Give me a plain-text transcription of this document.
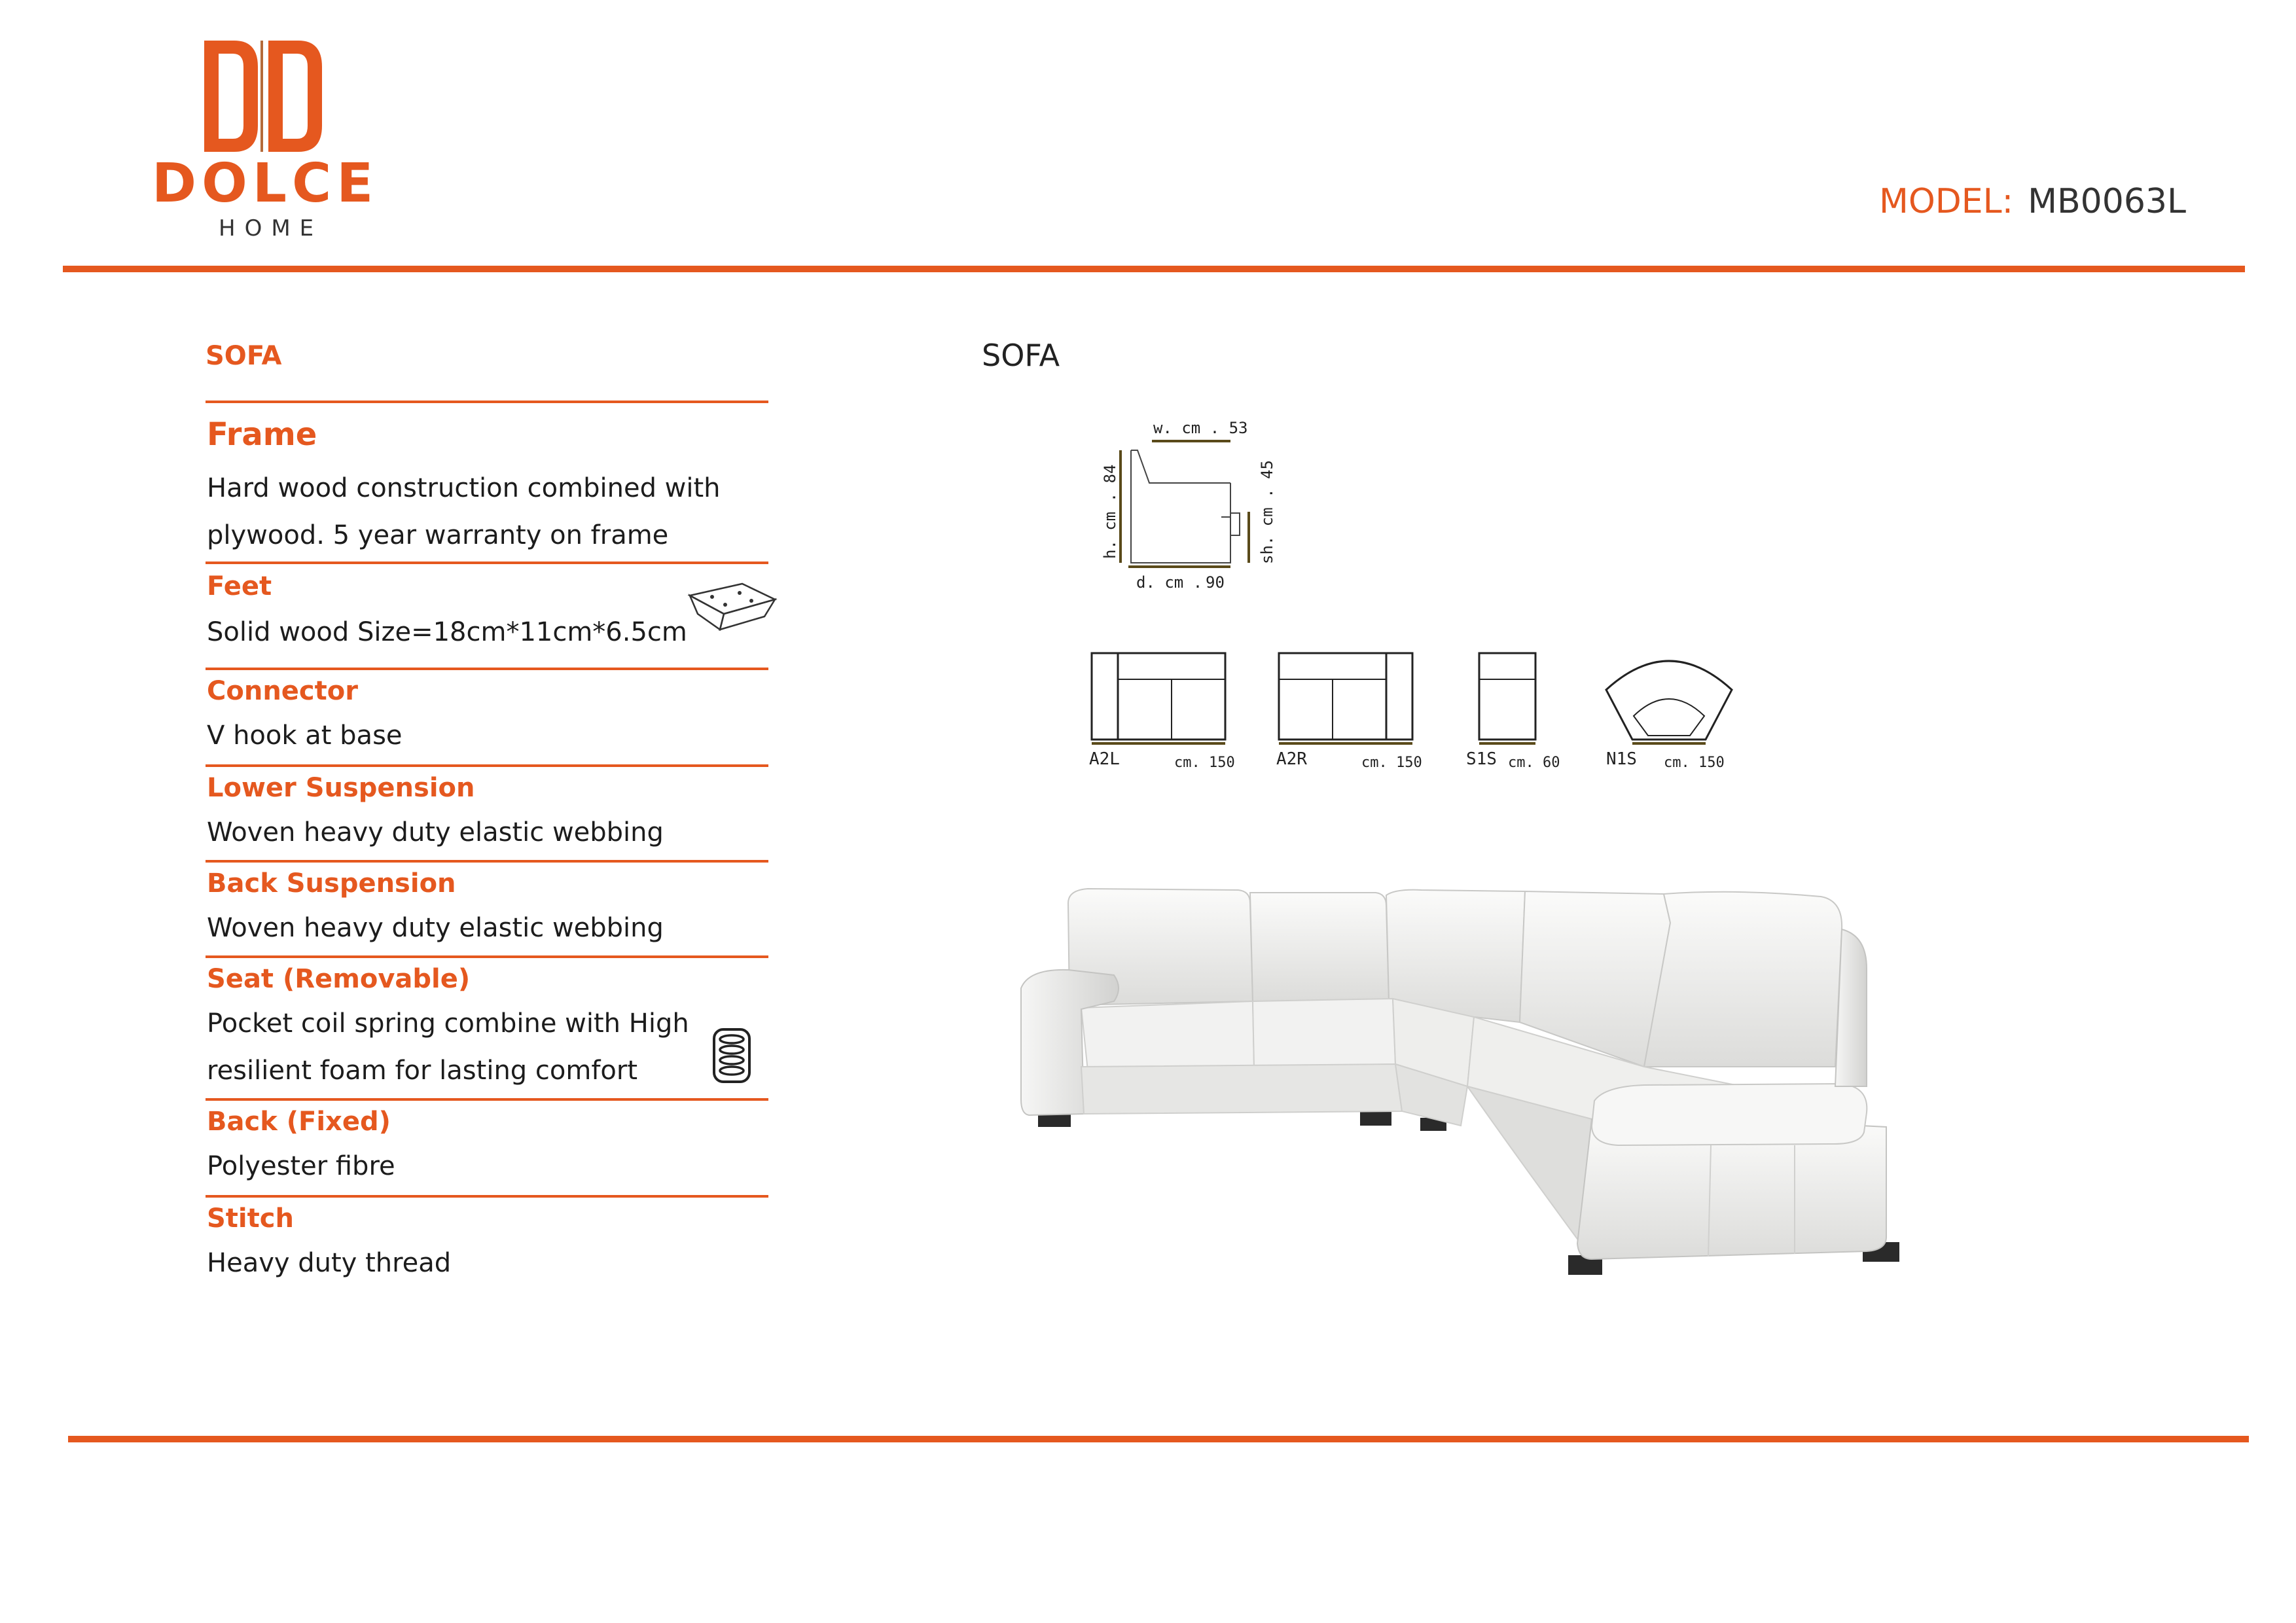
DOLCE
HOME
MODEL: MB0063L
SOFA
Frame
Hard wood construction combined with
plywood. 5 year warranty on frame
Feet
Solid wood Size=18cm*11cm*6.5cm
Connector
V hook at base
Lower Suspension
Woven heavy duty elastic webbing
Back Suspension
Woven heavy duty elastic webbing
Seat (Removable)
Pocket coil spring combine with High
resilient foam for lasting comfort
Back (Fixed)
Polyester fibre
Stitch
Heavy duty thread
SOFA
w. cm . 53
h. cm . 84
d. cm . 90
sh. cm . 45
A2L	cm. 150 A2R	cm. 150	S1S cm. 60	N1S cm. 150
